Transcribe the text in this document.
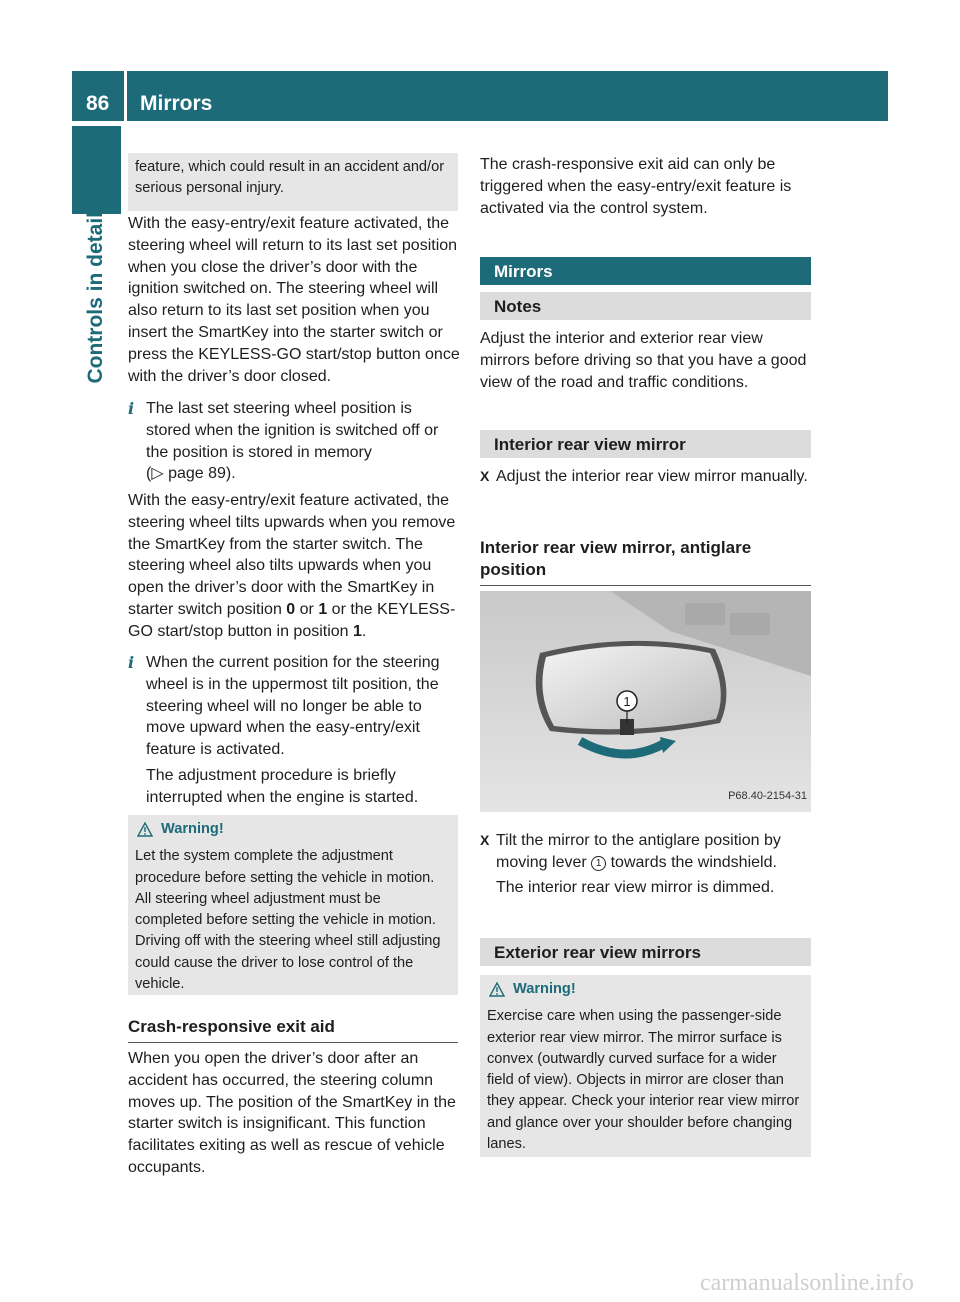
86 Mirrors
Controls in detail

feature, which could result in an accident and/or serious personal injury.

With the easy-entry/exit feature activated, the steering wheel will return to its last set position when you close the driver’s door with the ignition switched on. The steering wheel will also return to its last set position when you insert the SmartKey into the starter switch or press the KEYLESS-GO start/stop button once with the driver’s door closed.

i The last set steering wheel position is stored when the ignition is switched off or the position is stored in memory
(▷ page 89).

With the easy-entry/exit feature activated, the steering wheel tilts upwards when you remove the SmartKey from the starter switch. The steering wheel also tilts upwards when you open the driver’s door with the SmartKey in starter switch position 0 or 1 or the KEYLESS-GO start/stop button in position 1.

i When the current position for the steering wheel is in the uppermost tilt position, the steering wheel will no longer be able to move upward when the easy-entry/exit feature is activated.

The adjustment procedure is briefly interrupted when the engine is started.

Warning!

Let the system complete the adjustment procedure before setting the vehicle in motion. All steering wheel adjustment must be completed before setting the vehicle in motion. Driving off with the steering wheel still adjusting could cause the driver to lose control of the vehicle.

Crash-responsive exit aid

When you open the driver’s door after an accident has occurred, the steering column moves up. The position of the SmartKey in the starter switch is insignificant. This function facilitates exiting as well as rescue of vehicle occupants.

The crash-responsive exit aid can only be triggered when the easy-entry/exit feature is activated via the control system.

Mirrors
Notes

Adjust the interior and exterior rear view mirrors before driving so that you have a good view of the road and traffic conditions.

Interior rear view mirror
X Adjust the interior rear view mirror manually.
Interior rear view mirror, antiglare position
1
P68.40-2154-31
X Tilt the mirror to the antiglare position by moving lever 1 towards the windshield.

The interior rear view mirror is dimmed.

Exterior rear view mirrors
Warning!

Exercise care when using the passenger-side exterior rear view mirror. The mirror surface is convex (outwardly curved surface for a wider field of view). Objects in mirror are closer than they appear. Check your interior rear view mirror and glance over your shoulder before changing lanes.

carmanualsonline.info
